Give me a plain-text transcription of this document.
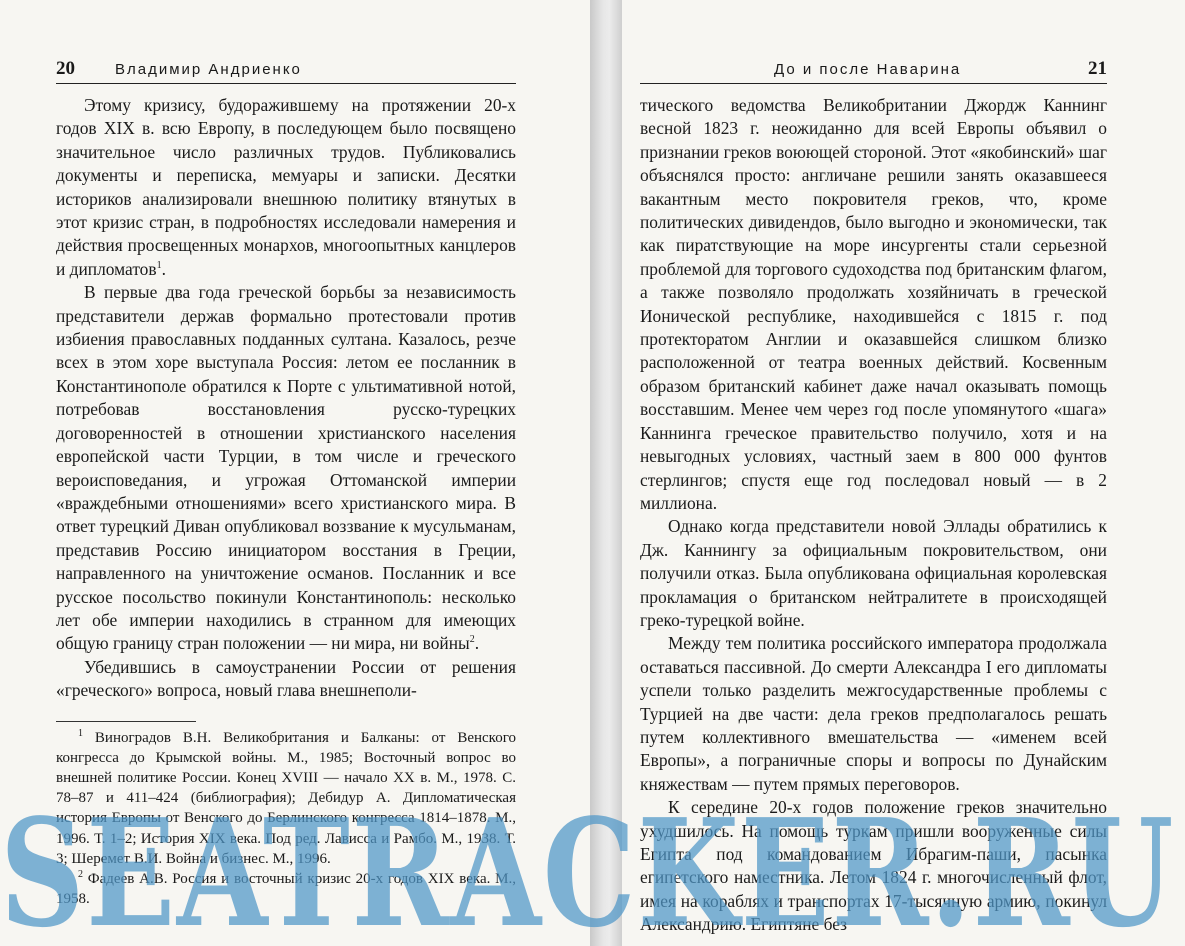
20	Владимир Андриенко

Этому кризису, будоражившему на протяжении 20-х годов XIX в. всю Европу, в последующем было посвящено значительное число различных трудов. Публиковались документы и переписка, мемуары и записки. Десятки историков анализировали внешнюю политику втянутых в этот кризис стран, в подробностях исследовали намерения и действия просвещенных монархов, многоопытных канцлеров и дипломатов$^1$.

В первые два года греческой борьбы за независимость представители держав формально протестовали против избиения православных подданных султана. Казалось, резче всех в этом хоре выступала Россия: летом ее посланник в Константинополе обратился к Порте с ультимативной нотой, потребовав восстановления русско-турецких договоренностей в отношении христианского населения европейской части Турции, в том числе и греческого вероисповедания, и угрожая Оттоманской империи «враждебными отношениями» всего христианского мира. В ответ турецкий Диван опубликовал воззвание к мусульманам, представив Россию инициатором восстания в Греции, направленного на уничтожение османов. Посланник и все русское посольство покинули Константинополь: несколько лет обе империи находились в странном для имеющих общую границу стран положении — ни мира, ни войны$^2$.

Убедившись в самоустранении России от решения «греческого» вопроса, новый глава внешнеполи-

$^1$ Виноградов В.Н. Великобритания и Балканы: от Венского конгресса до Крымской войны. М., 1985; Восточный вопрос во внешней политике России. Конец XVIII — начало XX в. М., 1978. С. 78–87 и 411–424 (библиография); Дебидур А. Дипломатическая история Европы от Венского до Берлинского конгресса 1814–1878. М., 1996. Т. 1–2; История XIX века. Под ред. Лависса и Рамбо. М., 1938. Т. 3; Шеремет В.И. Война и бизнес. М., 1996.

$^2$ Фадеев А.В. Россия и восточный кризис 20-х годов XIX века. М., 1958.

До и после Наварина	21

тического ведомства Великобритании Джордж Каннинг весной 1823 г. неожиданно для всей Европы объявил о признании греков воюющей стороной. Этот «якобинский» шаг объяснялся просто: англичане решили занять оказавшееся вакантным место покровителя греков, что, кроме политических дивидендов, было выгодно и экономически, так как пиратствующие на море инсургенты стали серьезной проблемой для торгового судоходства под британским флагом, а также позволяло продолжать хозяйничать в греческой Ионической республике, находившейся с 1815 г. под протекторатом Англии и оказавшейся слишком близко расположенной от театра военных действий. Косвенным образом британский кабинет даже начал оказывать помощь восставшим. Менее чем через год после упомянутого «шага» Каннинга греческое правительство получило, хотя и на невыгодных условиях, частный заем в 800 000 фунтов стерлингов; спустя еще год последовал новый — в 2 миллиона.

Однако когда представители новой Эллады обратились к Дж. Каннингу за официальным покровительством, они получили отказ. Была опубликована официальная королевская прокламация о британском нейтралитете в происходящей греко-турецкой войне.

Между тем политика российского императора продолжала оставаться пассивной. До смерти Александра I его дипломаты успели только разделить межгосударственные проблемы с Турцией на две части: дела греков предполагалось решать путем коллективного вмешательства — «именем всей Европы», а пограничные споры и вопросы по Дунайским княжествам — путем прямых переговоров.

К середине 20-х годов положение греков значительно ухудшилось. На помощь туркам пришли вооруженные силы Египта под командованием Ибрагим-паши, пасынка египетского наместника. Летом 1824 г. многочисленный флот, имея на кораблях и транспортах 17-тысячную армию, покинул Александрию. Египтяне без

SEATRACKER.RU
